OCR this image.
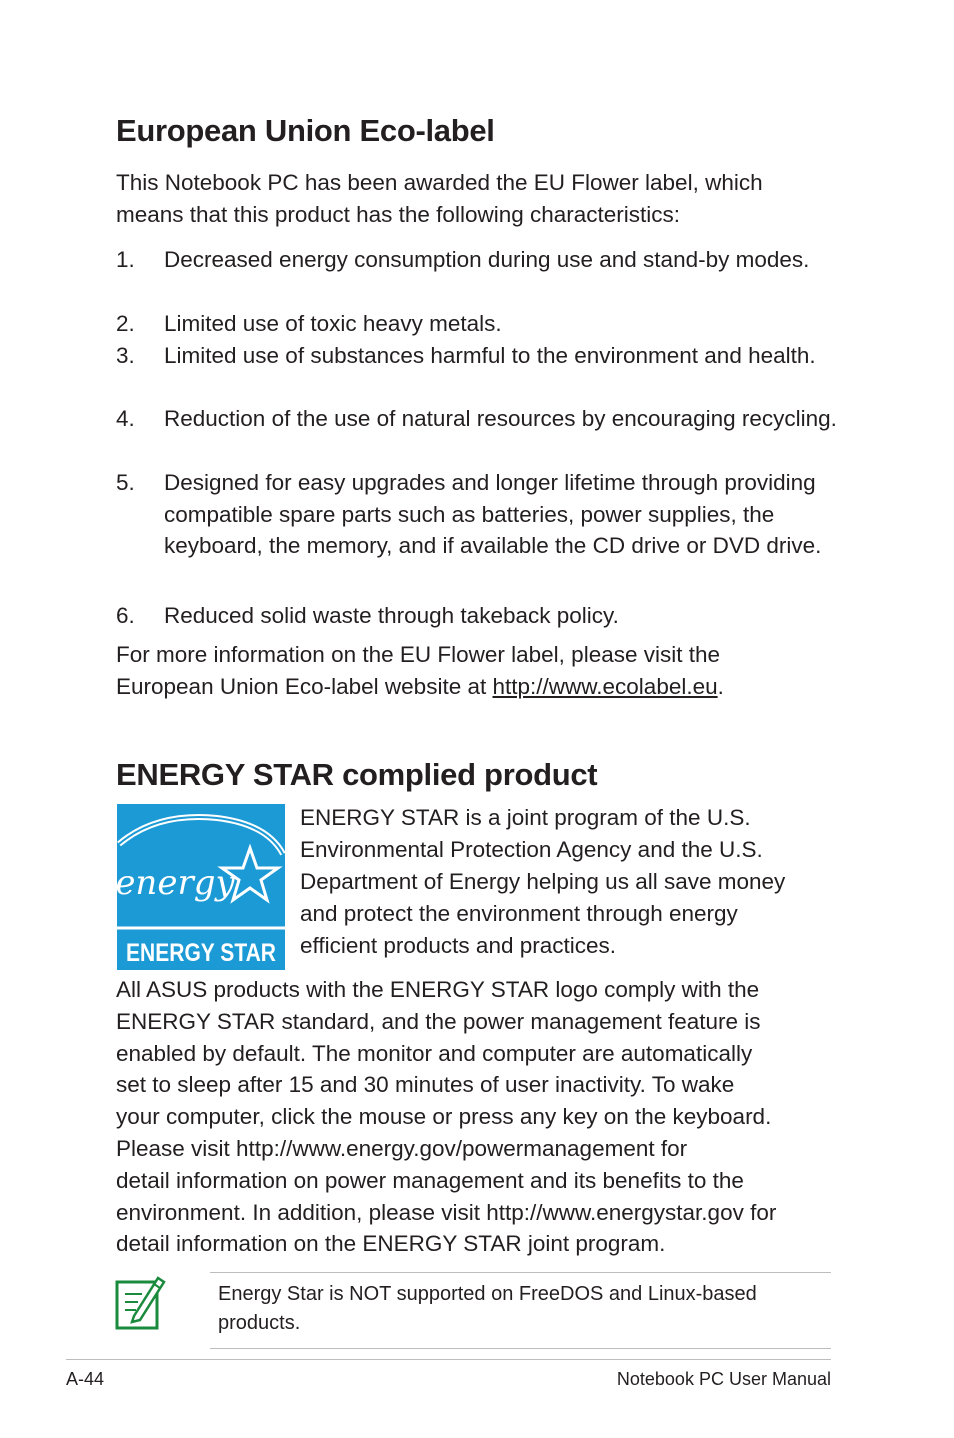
European Union Eco-label
This Notebook PC has been awarded the EU Flower label, which
means that this product has the following characteristics:
1. Decreased energy consumption during use and stand-by modes.
2. Limited use of toxic heavy metals.
3. Limited use of substances harmful to the environment and health.
4. Reduction of the use of natural resources by encouraging recycling.
5. Designed for easy upgrades and longer lifetime through providing compatible spare parts such as batteries, power supplies, the keyboard, the memory, and if available the CD drive or DVD drive.
6. Reduced solid waste through takeback policy.
For more information on the EU Flower label, please visit the
European Union Eco-label website at http://www.ecolabel.eu.
ENERGY STAR complied product
energy
ENERGY STAR
ENERGY STAR is a joint program of the U.S.
Environmental Protection Agency and the U.S.
Department of Energy helping us all save money
and protect the environment through energy
efficient products and practices.
All ASUS products with the ENERGY STAR logo comply with the
ENERGY STAR standard, and the power management feature is
enabled by default. The monitor and computer are automatically
set to sleep after 15 and 30 minutes of user inactivity. To wake
your computer, click the mouse or press any key on the keyboard.
Please visit http://www.energy.gov/powermanagement for
detail information on power management and its benefits to the
environment. In addition, please visit http://www.energystar.gov for
detail information on the ENERGY STAR joint program.
Energy Star is NOT supported on FreeDOS and Linux-based
products.
A-44	Notebook PC User Manual
